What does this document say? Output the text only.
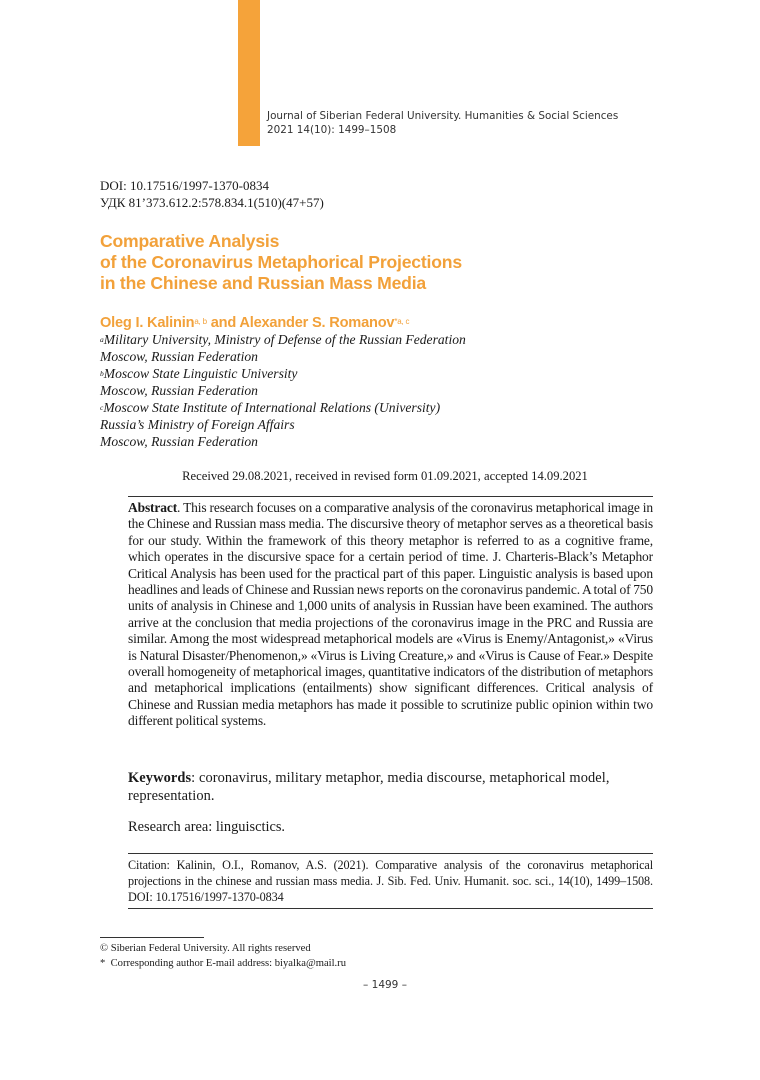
Journal of Siberian Federal University. Humanities & Social Sciences
2021 14(10): 1499–1508
DOI: 10.17516/1997-1370-0834
УДК 81’373.612.2:578.834.1(510)(47+57)
Comparative Analysis
of the Coronavirus Metaphorical Projections
in the Chinese and Russian Mass Media
Oleg I. Kalinin$^{a, b}$ and Alexander S. Romanov$^{*a, c}$
$^a$Military University, Ministry of Defense of the Russian Federation
Moscow, Russian Federation
$^b$Moscow State Linguistic University
Moscow, Russian Federation
$^c$Moscow State Institute of International Relations (University)
Russia’s Ministry of Foreign Affairs
Moscow, Russian Federation
Received 29.08.2021, received in revised form 01.09.2021, accepted 14.09.2021
Abstract. This research focuses on a comparative analysis of the coronavirus metaphorical image in the Chinese and Russian mass media. The discursive theory of metaphor serves as a theoretical basis for our study. Within the framework of this theory metaphor is referred to as a cognitive frame, which operates in the discursive space for a certain period of time. J. Charteris-Black’s Metaphor Critical Analysis has been used for the practical part of this paper. Linguistic analysis is based upon headlines and leads of Chinese and Russian news reports on the coronavirus pandemic. A total of 750 units of analysis in Chinese and 1,000 units of analysis in Russian have been examined. The authors arrive at the conclusion that media projections of the coronavirus image in the PRC and Russia are similar. Among the most widespread metaphorical models are «Virus is Enemy/Antagonist,» «Virus is Natural Disaster/Phenomenon,» «Virus is Living Creature,» and «Virus is Cause of Fear.» Despite overall homogeneity of metaphorical images, quantitative indicators of the distribution of metaphors and metaphorical implications (entailments) show significant differences. Critical analysis of Chinese and Russian media metaphors has made it possible to scrutinize public opinion within two different political systems.
Keywords: coronavirus, military metaphor, media discourse, metaphorical model, representation.
Research area: linguisctics.
Citation: Kalinin, O.I., Romanov, A.S. (2021). Comparative analysis of the coronavirus metaphorical projections in the chinese and russian mass media. J. Sib. Fed. Univ. Humanit. soc. sci., 14(10), 1499–1508. DOI: 10.17516/1997-1370-0834
© Siberian Federal University. All rights reserved
*  Corresponding author E-mail address: biyalka@mail.ru
– 1499 –
